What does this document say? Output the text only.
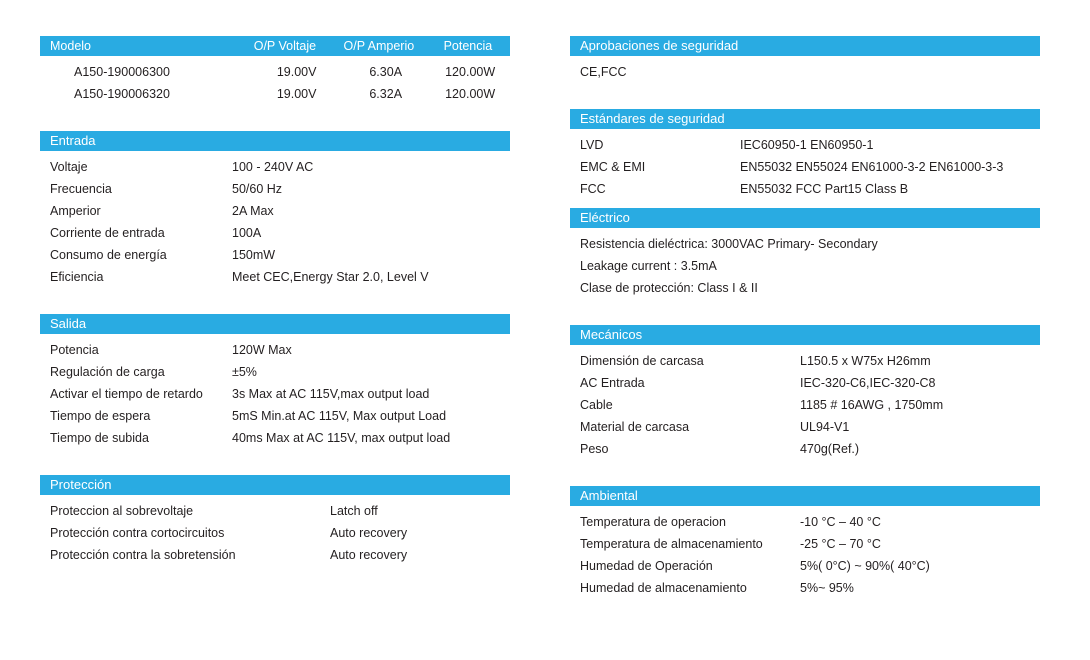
Modelo	O/P Voltaje	O/P Amperio	Potencia
A150-190006300	19.00V	6.30A	120.00W
A150-190006320	19.00V	6.32A	120.00W
Entrada
Voltaje	100 - 240V AC
Frecuencia	50/60 Hz
Amperior	2A Max
Corriente de entrada	100A
Consumo de energía	150mW
Eficiencia	Meet CEC,Energy Star 2.0, Level V
Salida
Potencia	120W Max
Regulación de carga	±5%
Activar el tiempo de retardo	3s Max at AC 115V,max output load
Tiempo de espera	5mS Min.at AC 115V, Max output Load
Tiempo de subida	40ms Max at AC 115V, max output load
Protección
Proteccion al sobrevoltaje	Latch off
Protección contra cortocircuitos	Auto recovery
Protección contra la sobretensión	Auto recovery
Aprobaciones de seguridad
CE,FCC
Estándares de seguridad
LVD	IEC60950-1 EN60950-1
EMC & EMI	EN55032 EN55024 EN61000-3-2 EN61000-3-3
FCC	EN55032 FCC Part15 Class B
Eléctrico
Resistencia dieléctrica: 3000VAC Primary- Secondary
Leakage current : 3.5mA
Clase de protección: Class I & II
Mecánicos
Dimensión de carcasa	L150.5 x W75x H26mm
AC Entrada	IEC-320-C6,IEC-320-C8
Cable	1185 # 16AWG , 1750mm
Material de carcasa	UL94-V1
Peso	470g(Ref.)
Ambiental
Temperatura de operacion	-10 °C – 40 °C
Temperatura de almacenamiento	-25 °C – 70 °C
Humedad de Operación	5%( 0°C) ~ 90%( 40°C)
Humedad de almacenamiento	5%~ 95%
